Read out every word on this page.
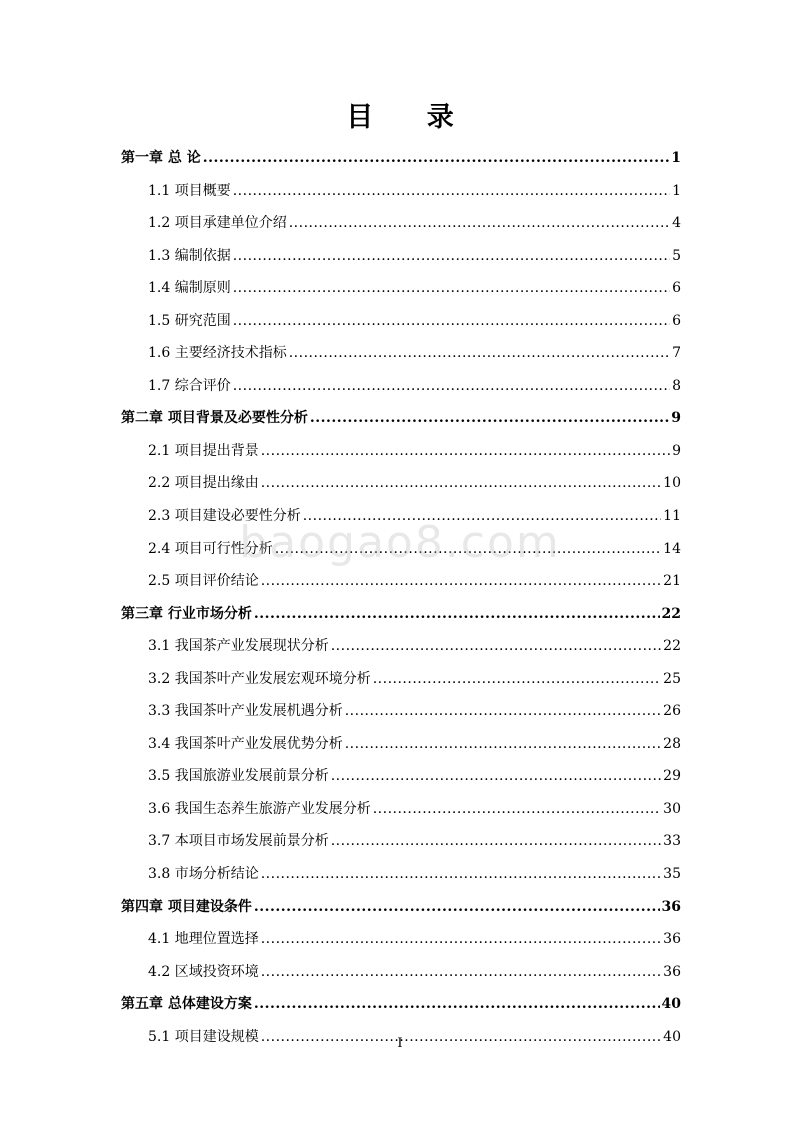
目 录
第一章 总 论 .....	1
1.1 项目概要 .....	1
1.2 项目承建单位介绍 .....	4
1.3 编制依据 .....	5
1.4 编制原则 .....	6
1.5 研究范围 .....	6
1.6 主要经济技术指标 .....	7
1.7 综合评价 .....	8
第二章 项目背景及必要性分析 .....	9
2.1 项目提出背景 .....	9
2.2 项目提出缘由 .....	10
2.3 项目建设必要性分析 .....	11
2.4 项目可行性分析 .....	14
2.5 项目评价结论 .....	21
第三章 行业市场分析 .....	22
3.1 我国茶产业发展现状分析 .....	22
3.2 我国茶叶产业发展宏观环境分析 .....	25
3.3 我国茶叶产业发展机遇分析 .....	26
3.4 我国茶叶产业发展优势分析 .....	28
3.5 我国旅游业发展前景分析 .....	29
3.6 我国生态养生旅游产业发展分析 .....	30
3.7 本项目市场发展前景分析 .....	33
3.8 市场分析结论 .....	35
第四章 项目建设条件 .....	36
4.1 地理位置选择 .....	36
4.2 区域投资环境 .....	36
第五章 总体建设方案 .....	40
5.1 项目建设规模 .....	40
baogao8.com
I
